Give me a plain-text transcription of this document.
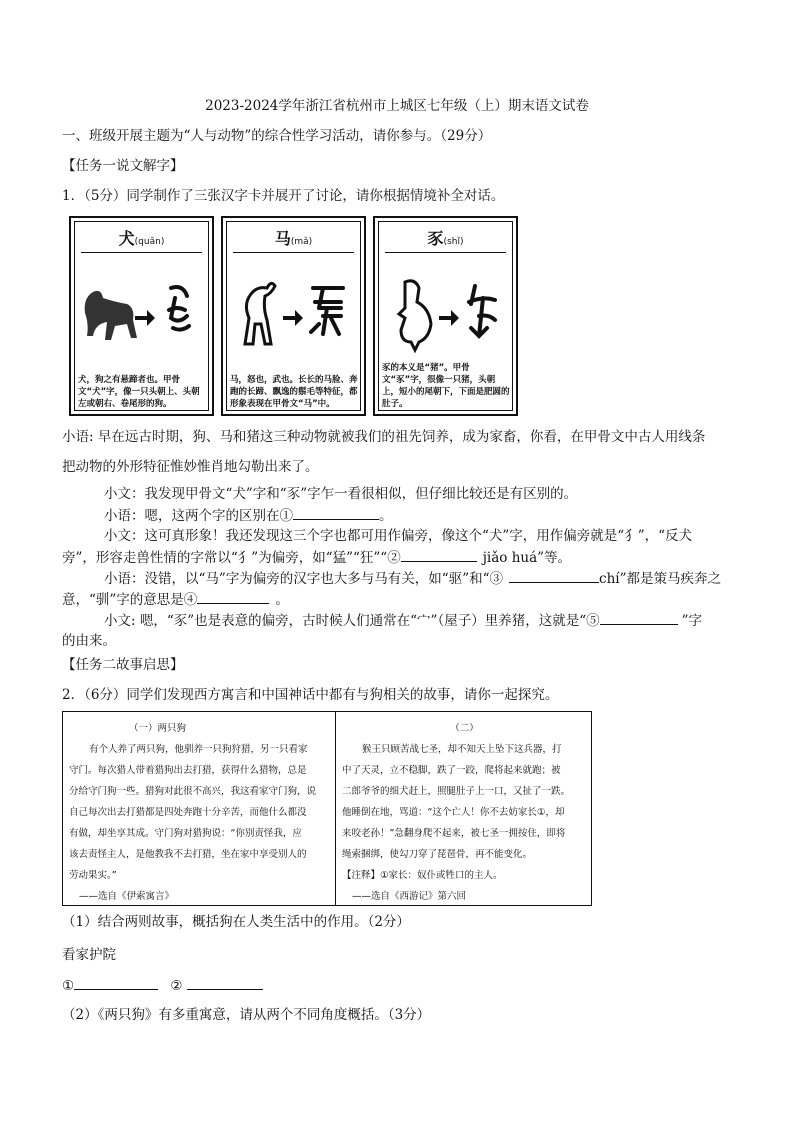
2023-2024学年浙江省杭州市上城区七年级（上）期末语文试卷
一、班级开展主题为“人与动物”的综合性学习活动，请你参与。（29分）
【任务一说文解字】
1．（5分）同学制作了三张汉字卡并展开了讨论，请你根据情境补全对话。
犬(quǎn)
犬，狗之有悬蹄者也。甲骨文“犬”字，像一只头朝上、头朝左或朝右、卷尾形的狗。
马(mǎ)
马，怒也，武也。长长的马脸、奔跑的长蹄、飘逸的鬃毛等特征，都形象表现在甲骨文“马”中。
豕(shǐ)
豕的本义是“猪”。甲骨文“豕”字，很像一只猪，头朝上，短小的尾朝下，下面是肥圆的肚子。
小语: 早在远古时期，狗、马和猪这三种动物就被我们的祖先饲养，成为家畜，你看，在甲骨文中古人用线条
把动物的外形特征惟妙惟肖地勾勒出来了。
小文：我发现甲骨文“犬”字和“豕”字乍一看很相似，但仔细比较还是有区别的。
小语：嗯，这两个字的区别在①	。
小文：这可真形象！我还发现这三个字也都可用作偏旁，像这个“犬”字，用作偏旁就是“犭”，“反犬
旁”，形容走兽性情的字常以“犭”为偏旁，如“猛”“狂”“②	jiǎo huá”等。
小语：没错，以“马”字为偏旁的汉字也大多与马有关，如“驱”和“③	chí”都是策马疾奔之
意，“驯”字的意思是④	。
小文: 嗯，“豕”也是表意的偏旁，古时候人们通常在“宀”（屋子）里养猪，这就是“⑤	”字
的由来。
【任务二故事启思】
2．（6分）同学们发现西方寓言和中国神话中都有与狗相关的故事，请你一起探究。
（一）两只狗
有个人养了两只狗，他驯养一只狗狩猎，另一只看家
守门。每次猎人带着猎狗出去打猎，获得什么猎物，总是
分给守门狗一些。猎狗对此很不高兴，我这看家守门狗，说
自己每次出去打猎都是四处奔跑十分辛苦，而他什么都没
有做，却坐享其成。守门狗对猎狗说：“你别责怪我，应
该去责怪主人，是他教我不去打猎，坐在家中享受别人的
劳动果实。”
——选自《伊索寓言》
（二）
猴王只顾苦战七圣，却不知天上坠下这兵器，打
中了天灵，立不稳脚，跌了一跤，爬将起来就跑；被
二郎爷爷的细犬赶上，照腿肚子上一口，又扯了一跌。
他睡倒在地，骂道：“这个亡人！你不去妨家长①，却
来咬老孙！”急翻身爬不起来，被七圣一拥按住，即将
绳索捆绑，使勾刀穿了琵琶骨，再不能变化。
【注释】①家长：奴仆或牲口的主人。
——选自《西游记》第六回
（1）结合两则故事，概括狗在人类生活中的作用。（2分）
看家护院
①	②
（2）《两只狗》有多重寓意，请从两个不同角度概括。（3分）
